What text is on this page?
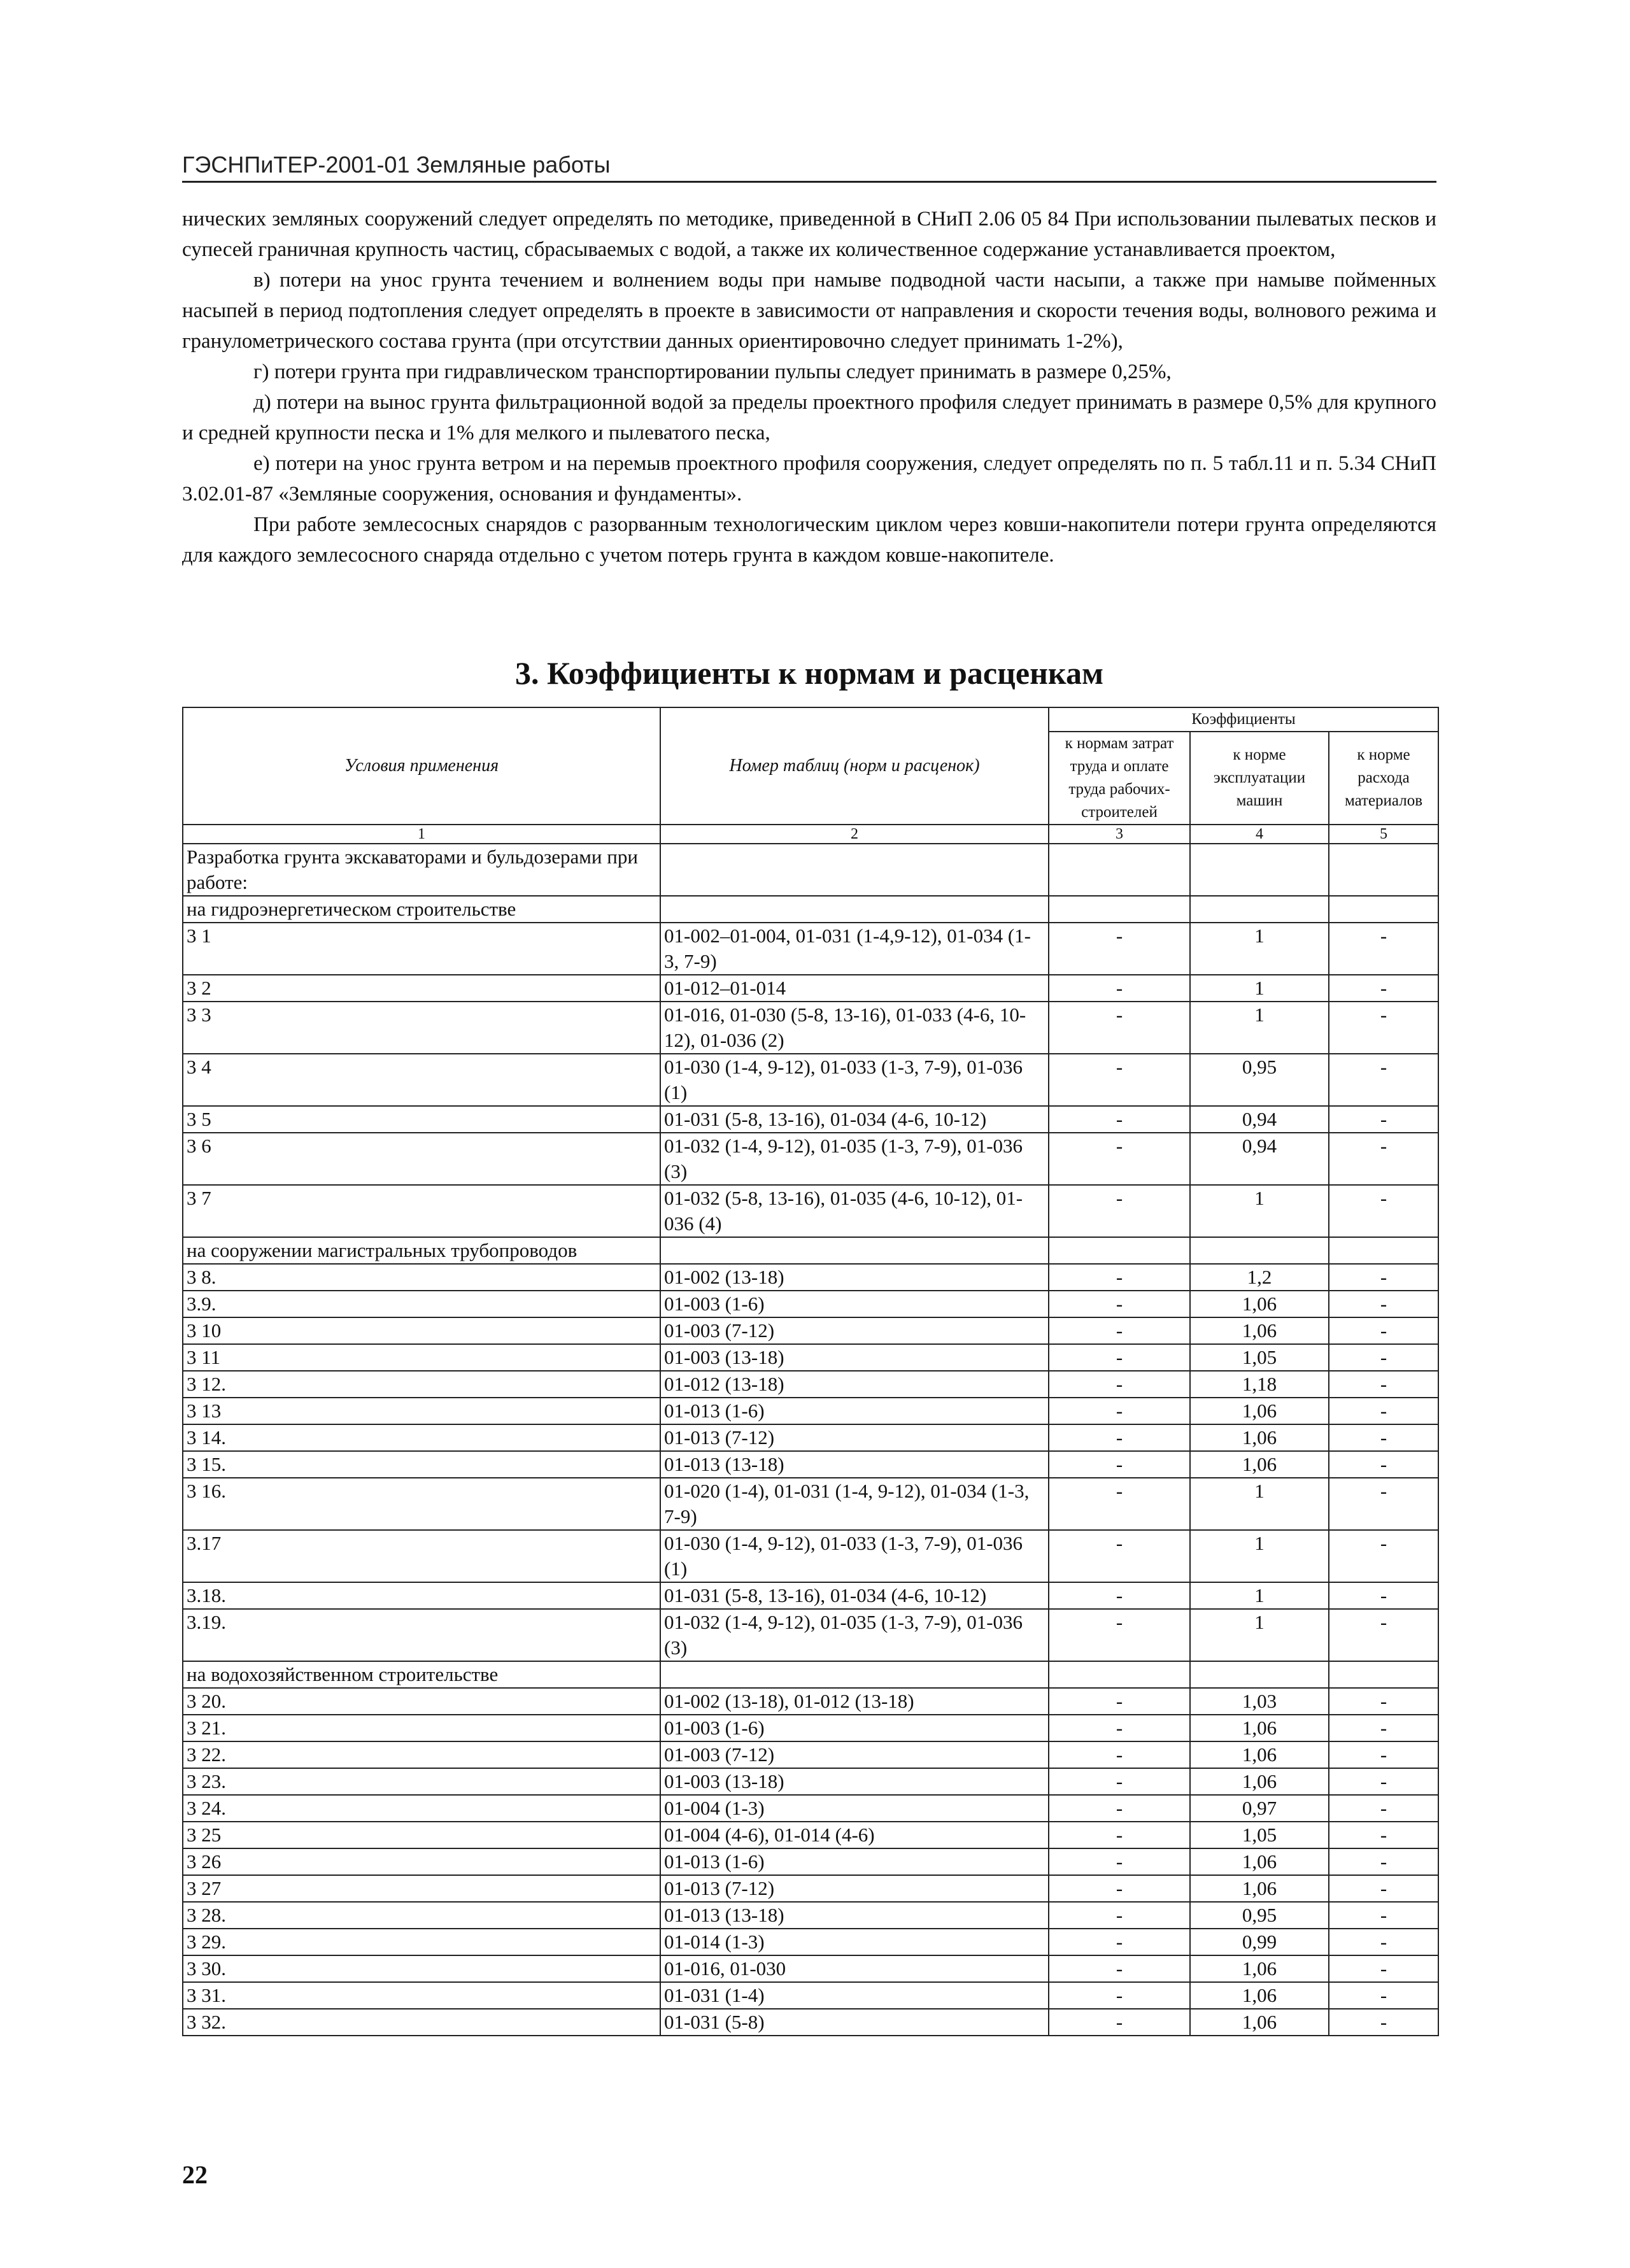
ГЭСНПиТЕР-2001-01 Земляные работы

нических земляных сооружений следует определять по методике, приведенной в СНиП 2.06 05 84 При использовании пылеватых песков и супесей граничная крупность частиц, сбрасываемых с водой, а также их количественное содержание устанавливается проектом,

в) потери на унос грунта течением и волнением воды при намыве подводной части насыпи, а также при намыве пойменных насыпей в период подтопления следует определять в проекте в зависимости от направления и скорости течения воды, волнового режима и гранулометрического состава грунта (при отсутствии данных ориентировочно следует принимать 1-2%),

г) потери грунта при гидравлическом транспортировании пульпы следует принимать в размере 0,25%,

д) потери на вынос грунта фильтрационной водой за пределы проектного профиля следует принимать в размере 0,5% для крупного и средней крупности песка и 1% для мелкого и пылеватого песка,

е) потери на унос грунта ветром и на перемыв проектного профиля сооружения, следует определять по п. 5 табл.11 и п. 5.34 СНиП 3.02.01-87 «Земляные сооружения, основания и фундаменты».

При работе землесосных снарядов с разорванным технологическим циклом через ковши-накопители потери грунта определяются для каждого землесосного снаряда отдельно с учетом потерь грунта в каждом ковше-накопителе.

3. Коэффициенты к нормам и расценкам
Условия применения	Номер таблиц (норм и расценок)	Коэффициенты		
		к нормам затрат труда и оплате труда рабочих-строителей	к норме эксплуатации машин	к норме расхода материалов
1	2	3	4	5
Разработка грунта экскаваторами и бульдозерами при работе:				
на гидроэнергетическом строительстве				
3 1	01-002–01-004, 01-031 (1-4,9-12), 01-034 (1-3, 7-9)	-	1	-
3 2	01-012–01-014	-	1	-
3 3	01-016, 01-030 (5-8, 13-16), 01-033 (4-6, 10-12), 01-036 (2)	-	1	-
3 4	01-030 (1-4, 9-12), 01-033 (1-3, 7-9), 01-036 (1)	-	0,95	-
3 5	01-031 (5-8, 13-16), 01-034 (4-6, 10-12)	-	0,94	-
3 6	01-032 (1-4, 9-12), 01-035 (1-3, 7-9), 01-036 (3)	-	0,94	-
3 7	01-032 (5-8, 13-16), 01-035 (4-6, 10-12), 01-036 (4)	-	1	-
на сооружении магистральных трубопроводов				
3 8.	01-002 (13-18)	-	1,2	-
3.9.	01-003 (1-6)	-	1,06	-
3 10	01-003 (7-12)	-	1,06	-
3 11	01-003 (13-18)	-	1,05	-
3 12.	01-012 (13-18)	-	1,18	-
3 13	01-013 (1-6)	-	1,06	-
3 14.	01-013 (7-12)	-	1,06	-
3 15.	01-013 (13-18)	-	1,06	-
3 16.	01-020 (1-4), 01-031 (1-4, 9-12), 01-034 (1-3, 7-9)	-	1	-
3.17	01-030 (1-4, 9-12), 01-033 (1-3, 7-9), 01-036 (1)	-	1	-
3.18.	01-031 (5-8, 13-16), 01-034 (4-6, 10-12)	-	1	-
3.19.	01-032 (1-4, 9-12), 01-035 (1-3, 7-9), 01-036 (3)	-	1	-
на водохозяйственном строительстве				
3 20.	01-002 (13-18), 01-012 (13-18)	-	1,03	-
3 21.	01-003 (1-6)	-	1,06	-
3 22.	01-003 (7-12)	-	1,06	-
3 23.	01-003 (13-18)	-	1,06	-
3 24.	01-004 (1-3)	-	0,97	-
3 25	01-004 (4-6), 01-014 (4-6)	-	1,05	-
3 26	01-013 (1-6)	-	1,06	-
3 27	01-013 (7-12)	-	1,06	-
3 28.	01-013 (13-18)	-	0,95	-
3 29.	01-014 (1-3)	-	0,99	-
3 30.	01-016, 01-030	-	1,06	-
3 31.	01-031 (1-4)	-	1,06	-
3 32.	01-031 (5-8)	-	1,06	-
22
